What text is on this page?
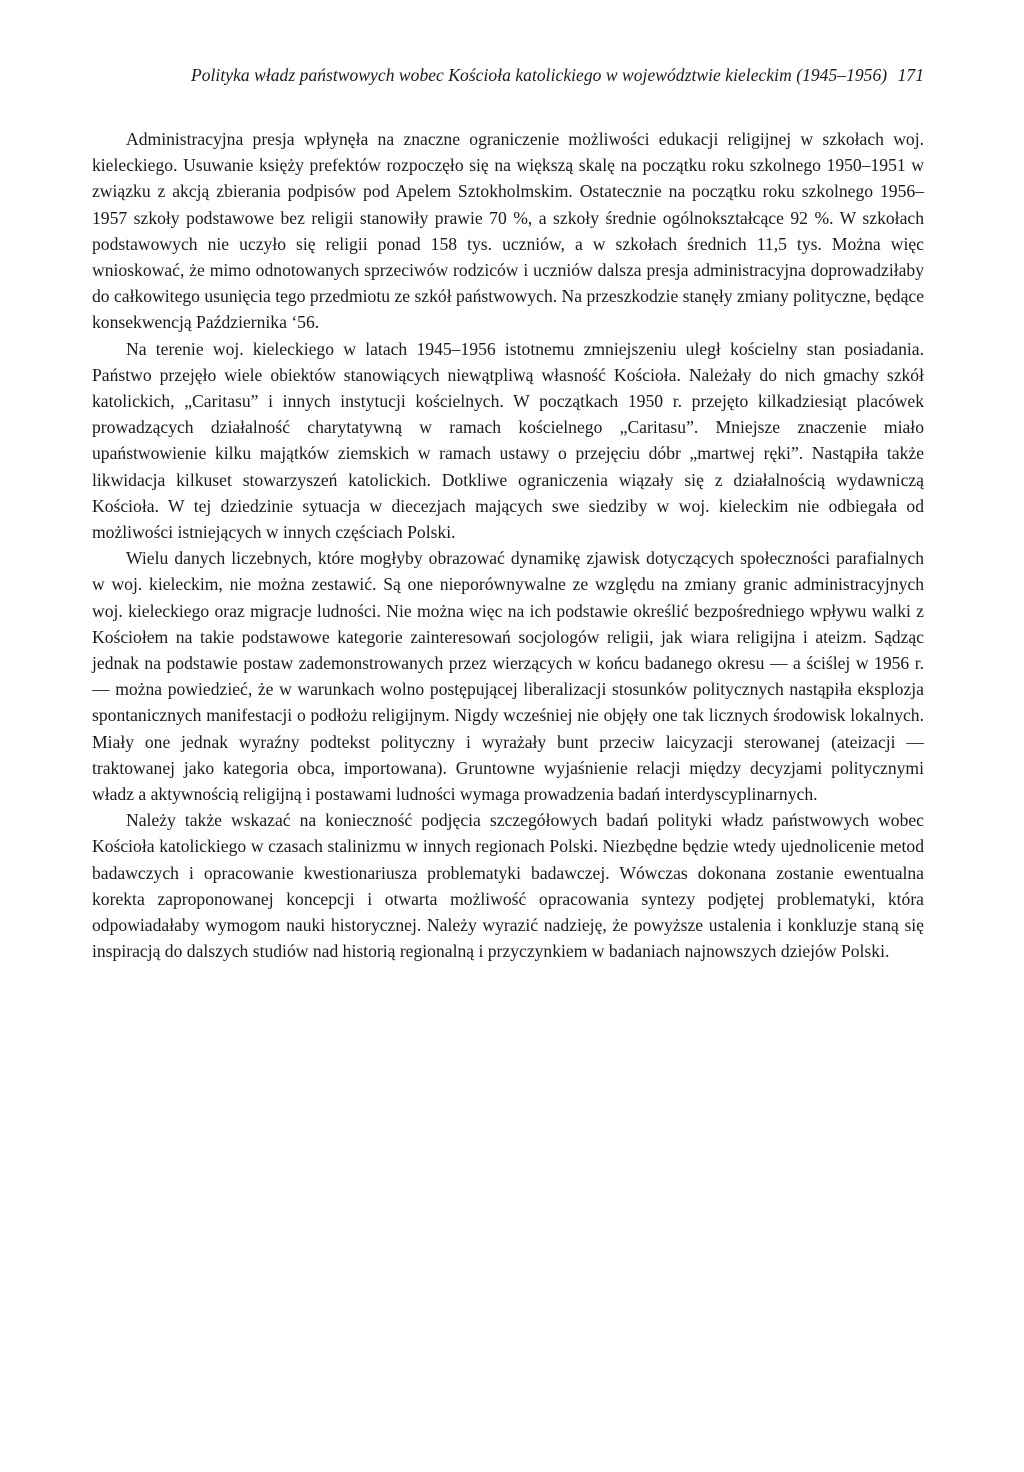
Polityka władz państwowych wobec Kościoła katolickiego w województwie kieleckim (1945–1956) 171

Administracyjna presja wpłynęła na znaczne ograniczenie możliwości edukacji religijnej w szkołach woj. kieleckiego. Usuwanie księży prefektów rozpoczęło się na większą skalę na początku roku szkolnego 1950–1951 w związku z akcją zbierania podpisów pod Apelem Sztokholmskim. Ostatecznie na początku roku szkolnego 1956–1957 szkoły podstawowe bez religii stanowiły prawie 70 %, a szkoły średnie ogólnokształcące 92 %. W szkołach podstawowych nie uczyło się religii ponad 158 tys. uczniów, a w szkołach średnich 11,5 tys. Można więc wnioskować, że mimo odnotowanych sprzeciwów rodziców i uczniów dalsza presja administracyjna doprowadziłaby do całkowitego usunięcia tego przedmiotu ze szkół państwowych. Na przeszkodzie stanęły zmiany polityczne, będące konsekwencją Października ‘56.

Na terenie woj. kieleckiego w latach 1945–1956 istotnemu zmniejszeniu uległ kościelny stan posiadania. Państwo przejęło wiele obiektów stanowiących niewątpliwą własność Kościoła. Należały do nich gmachy szkół katolickich, „Caritasu” i innych instytucji kościelnych. W początkach 1950 r. przejęto kilkadziesiąt placówek prowadzących działalność charytatywną w ramach kościelnego „Caritasu”. Mniejsze znaczenie miało upaństwowienie kilku majątków ziemskich w ramach ustawy o przejęciu dóbr „martwej ręki”. Nastąpiła także likwidacja kilkuset stowarzyszeń katolickich. Dotkliwe ograniczenia wiązały się z działalnością wydawniczą Kościoła. W tej dziedzinie sytuacja w diecezjach mających swe siedziby w woj. kieleckim nie odbiegała od możliwości istniejących w innych częściach Polski.

Wielu danych liczebnych, które mogłyby obrazować dynamikę zjawisk dotyczących społeczności parafialnych w woj. kieleckim, nie można zestawić. Są one nieporównywalne ze względu na zmiany granic administracyjnych woj. kieleckiego oraz migracje ludności. Nie można więc na ich podstawie określić bezpośredniego wpływu walki z Kościołem na takie podstawowe kategorie zainteresowań socjologów religii, jak wiara religijna i ateizm. Sądząc jednak na podstawie postaw zademonstrowanych przez wierzących w końcu badanego okresu — a ściślej w 1956 r. — można powiedzieć, że w warunkach wolno postępującej liberalizacji stosunków politycznych nastąpiła eksplozja spontanicznych manifestacji o podłożu religijnym. Nigdy wcześniej nie objęły one tak licznych środowisk lokalnych. Miały one jednak wyraźny podtekst polityczny i wyrażały bunt przeciw laicyzacji sterowanej (ateizacji — traktowanej jako kategoria obca, importowana). Gruntowne wyjaśnienie relacji między decyzjami politycznymi władz a aktywnością religijną i postawami ludności wymaga prowadzenia badań interdyscyplinarnych.

Należy także wskazać na konieczność podjęcia szczegółowych badań polityki władz państwowych wobec Kościoła katolickiego w czasach stalinizmu w innych regionach Polski. Niezbędne będzie wtedy ujednolicenie metod badawczych i opracowanie kwestionariusza problematyki badawczej. Wówczas dokonana zostanie ewentualna korekta zaproponowanej koncepcji i otwarta możliwość opracowania syntezy podjętej problematyki, która odpowiadałaby wymogom nauki historycznej. Należy wyrazić nadzieję, że powyższe ustalenia i konkluzje staną się inspiracją do dalszych studiów nad historią regionalną i przyczynkiem w badaniach najnowszych dziejów Polski.
